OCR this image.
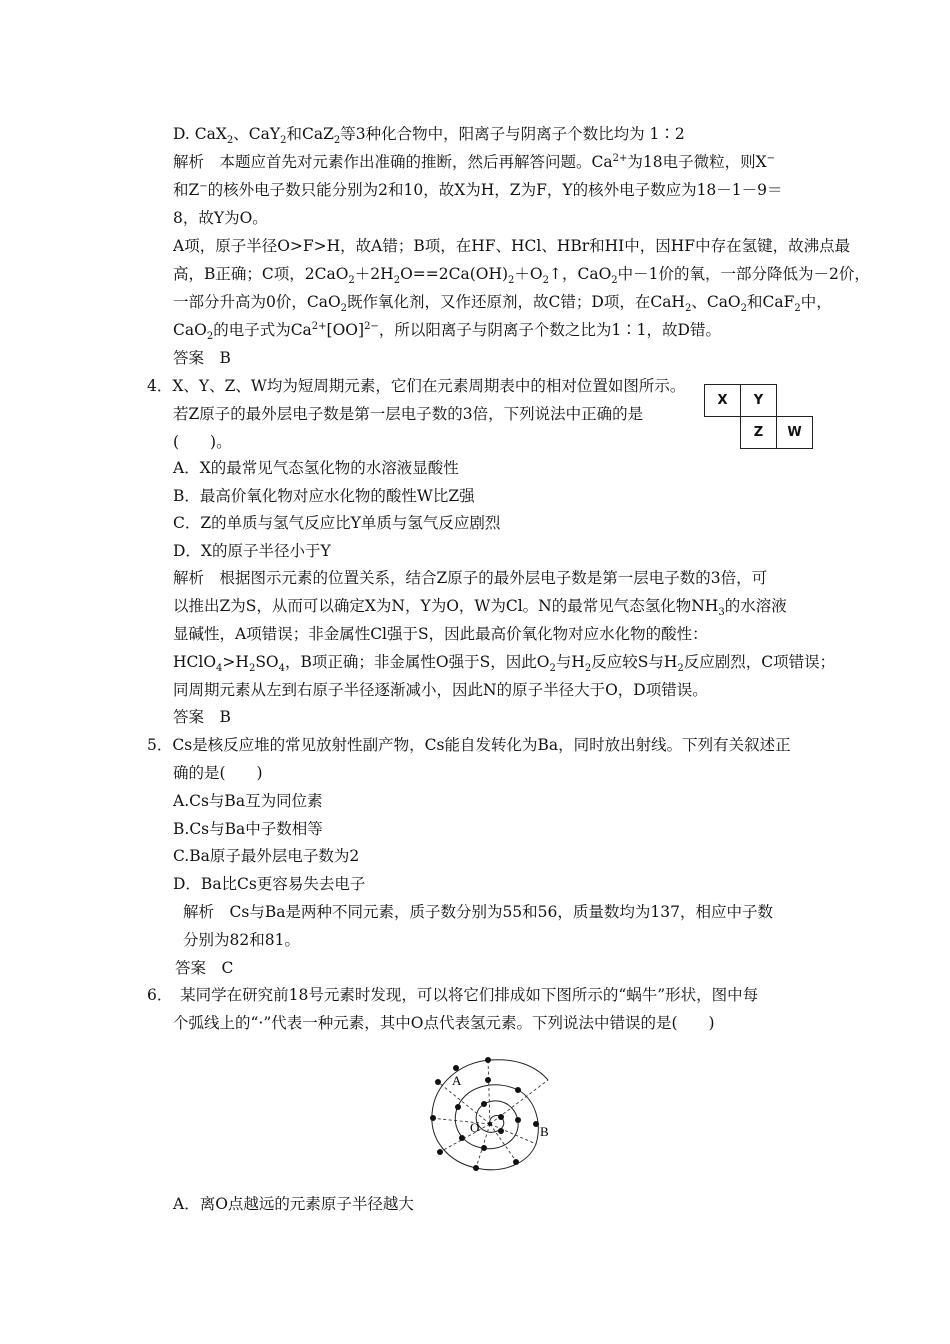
D. CaX$_2$、CaY$_2$和CaZ$_2$等3种化合物中，阳离子与阴离子个数比均为 1∶2
解析　本题应首先对元素作出准确的推断，然后再解答问题。$Ca^{2+}$为18电子微粒，则X−
和Z−的核外电子数只能分别为2和10，故X为H，Z为F，Y的核外电子数应为18－1－9＝
8，故Y为O。
A项，原子半径O>F>H，故A错；B项，在HF、HCl、HBr和HI中，因HF中存在氢键，故沸点最
高，B正确；C项，$2CaO_2+2H_2O==2Ca(OH)_2+O_2↑$，CaO$_2$中－1价的氧，一部分降低为－2价，
一部分升高为0价，CaO$_2$既作氧化剂，又作还原剂，故C错；D项，在CaH$_2$、CaO$_2$和CaF$_2$中，
CaO$_2$的电子式为$Ca^{2+}[OO]^{2-}$，所以阳离子与阴离子个数之比为1∶1，故D错。
答案　B
4．X、Y、Z、W均为短周期元素，它们在元素周期表中的相对位置如图所示。
若Z原子的最外层电子数是第一层电子数的3倍，下列说法中正确的是
(　　)。
X	Y
Z	W
A．X的最常见气态氢化物的水溶液显酸性
B．最高价氧化物对应水化物的酸性W比Z强
C．Z的单质与氢气反应比Y单质与氢气反应剧烈
D．X的原子半径小于Y
解析　根据图示元素的位置关系，结合Z原子的最外层电子数是第一层电子数的3倍，可
以推出Z为S，从而可以确定X为N，Y为O，W为Cl。N的最常见气态氢化物$NH_3$的水溶液
显碱性，A项错误；非金属性Cl强于S，因此最高价氧化物对应水化物的酸性：
$HClO_4>H_2SO_4$，B项正确；非金属性O强于S，因此$O_2$与$H_2$反应较S与$H_2$反应剧烈，C项错误；
同周期元素从左到右原子半径逐渐减小，因此N的原子半径大于O，D项错误。
答案　B
5．Cs是核反应堆的常见放射性副产物，Cs能自发转化为Ba，同时放出射线。下列有关叙述正
确的是(　　)
A.Cs与Ba互为同位素
B.Cs与Ba中子数相等
C.Ba原子最外层电子数为2
D．Ba比Cs更容易失去电子
解析　Cs与Ba是两种不同元素，质子数分别为55和56，质量数均为137，相应中子数
分别为82和81。
答案　C
6．　某同学在研究前18号元素时发现，可以将它们排成如下图所示的“蜗牛”形状，图中每
个弧线上的“·”代表一种元素，其中O点代表氢元素。下列说法中错误的是(　　)
A
B
O
A．离O点越远的元素原子半径越大
